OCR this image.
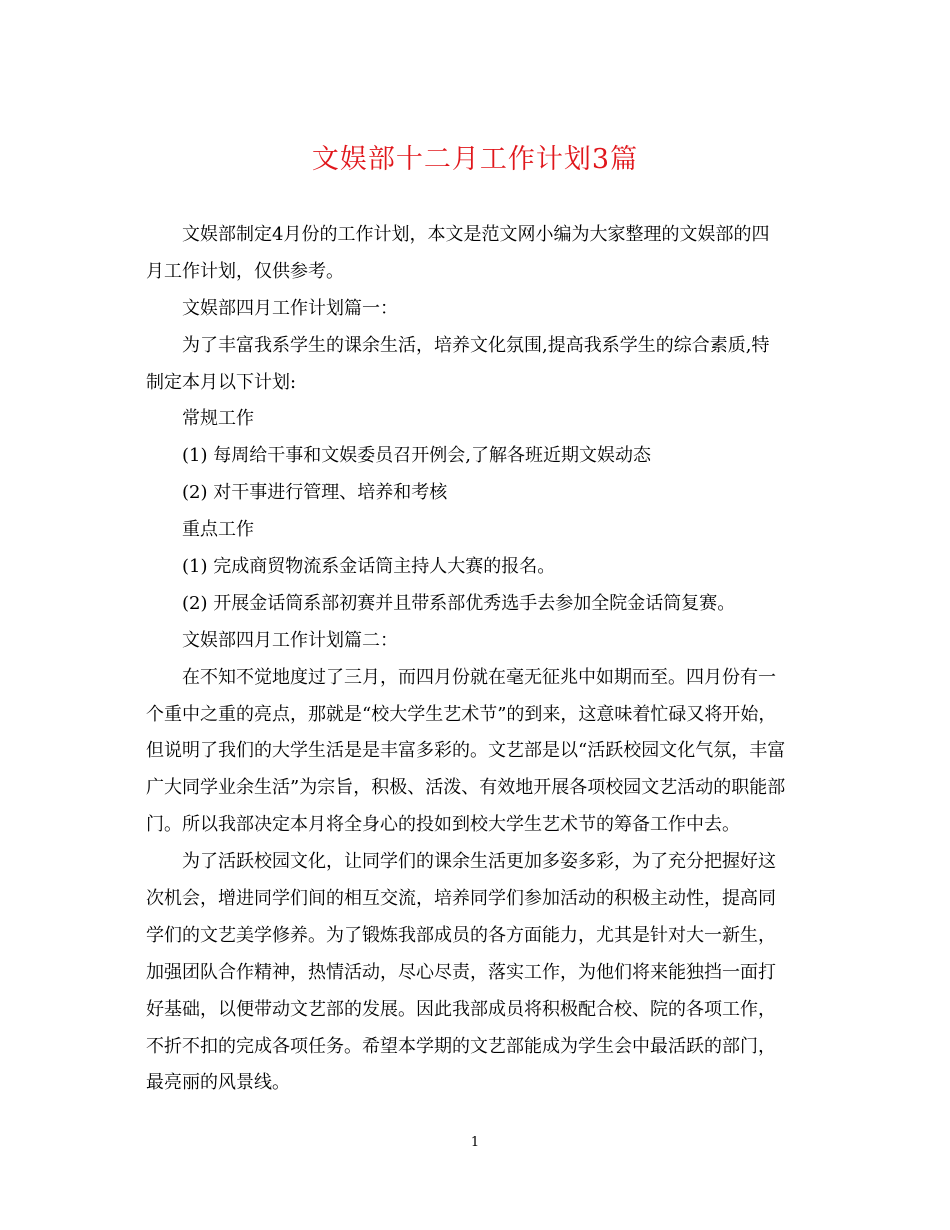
文娱部十二月工作计划3篇
文娱部制定4月份的工作计划，本文是范文网小编为大家整理的文娱部的四
月工作计划，仅供参考。
文娱部四月工作计划篇一：
为了丰富我系学生的课余生活，培养文化氛围,提高我系学生的综合素质,特
制定本月以下计划:
常规工作
(1) 每周给干事和文娱委员召开例会,了解各班近期文娱动态
(2) 对干事进行管理、培养和考核
重点工作
(1) 完成商贸物流系金话筒主持人大赛的报名。
(2) 开展金话筒系部初赛并且带系部优秀选手去参加全院金话筒复赛。
文娱部四月工作计划篇二：
在不知不觉地度过了三月，而四月份就在毫无征兆中如期而至。四月份有一
个重中之重的亮点，那就是“校大学生艺术节”的到来，这意味着忙碌又将开始，
但说明了我们的大学生活是是丰富多彩的。文艺部是以“活跃校园文化气氛，丰富
广大同学业余生活”为宗旨，积极、活泼、有效地开展各项校园文艺活动的职能部
门。所以我部决定本月将全身心的投如到校大学生艺术节的筹备工作中去。
为了活跃校园文化，让同学们的课余生活更加多姿多彩，为了充分把握好这
次机会，增进同学们间的相互交流，培养同学们参加活动的积极主动性，提高同
学们的文艺美学修养。为了锻炼我部成员的各方面能力，尤其是针对大一新生，
加强团队合作精神，热情活动，尽心尽责，落实工作，为他们将来能独挡一面打
好基础，以便带动文艺部的发展。因此我部成员将积极配合校、院的各项工作，
不折不扣的完成各项任务。希望本学期的文艺部能成为学生会中最活跃的部门，
最亮丽的风景线。
1
